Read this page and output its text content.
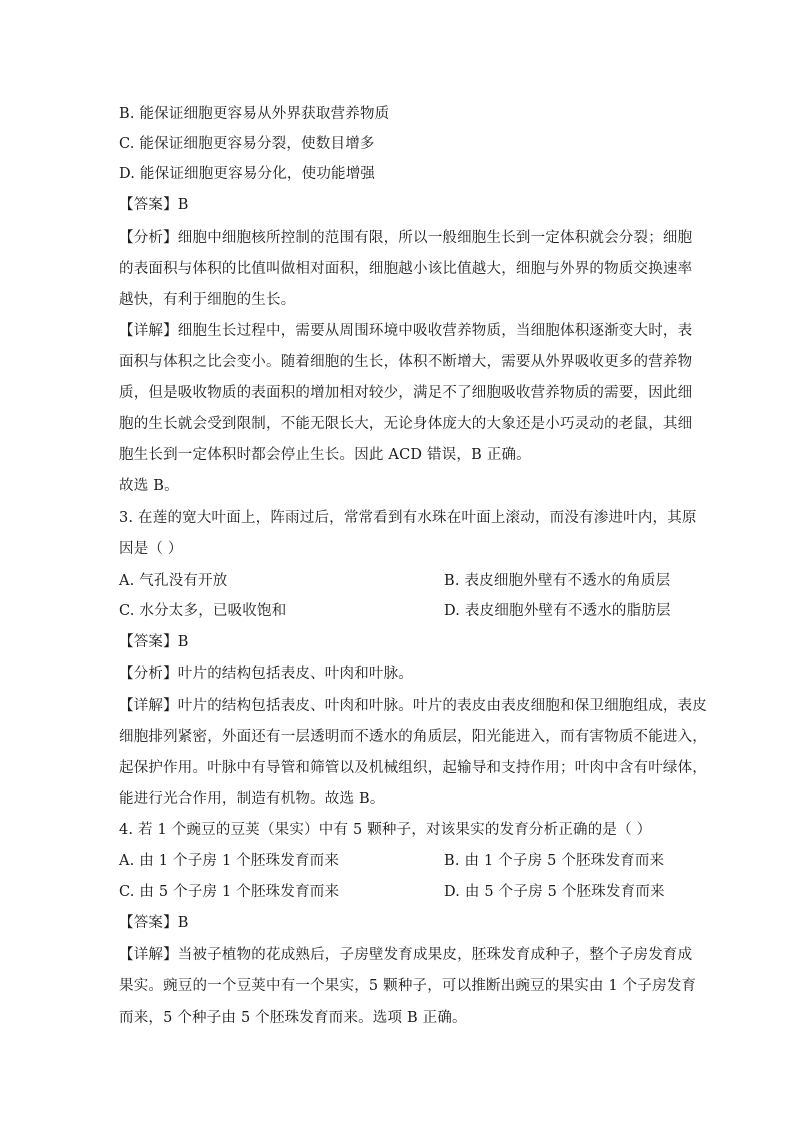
B. 能保证细胞更容易从外界获取营养物质
C. 能保证细胞更容易分裂，使数目增多
D. 能保证细胞更容易分化，使功能增强
【答案】B
【分析】细胞中细胞核所控制的范围有限，所以一般细胞生长到一定体积就会分裂；细胞
的表面积与体积的比值叫做相对面积，细胞越小该比值越大，细胞与外界的物质交换速率
越快，有利于细胞的生长。
【详解】细胞生长过程中，需要从周围环境中吸收营养物质，当细胞体积逐渐变大时，表
面积与体积之比会变小。随着细胞的生长，体积不断增大，需要从外界吸收更多的营养物
质，但是吸收物质的表面积的增加相对较少，满足不了细胞吸收营养物质的需要，因此细
胞的生长就会受到限制，不能无限长大，无论身体庞大的大象还是小巧灵动的老鼠，其细
胞生长到一定体积时都会停止生长。因此 ACD 错误，B 正确。
故选 B。
3. 在莲的宽大叶面上，阵雨过后，常常看到有水珠在叶面上滚动，而没有渗进叶内，其原
因是（ ）
A. 气孔没有开放	B. 表皮细胞外壁有不透水的角质层
C. 水分太多，已吸收饱和	D. 表皮细胞外壁有不透水的脂肪层
【答案】B
【分析】叶片的结构包括表皮、叶肉和叶脉。
【详解】叶片的结构包括表皮、叶肉和叶脉。叶片的表皮由表皮细胞和保卫细胞组成，表皮
细胞排列紧密，外面还有一层透明而不透水的角质层，阳光能进入，而有害物质不能进入，
起保护作用。叶脉中有导管和筛管以及机械组织，起输导和支持作用；叶肉中含有叶绿体，
能进行光合作用，制造有机物。故选 B。
4. 若 1 个豌豆的豆荚（果实）中有 5 颗种子，对该果实的发育分析正确的是（ ）
A. 由 1 个子房 1 个胚珠发育而来	B. 由 1 个子房 5 个胚珠发育而来
C. 由 5 个子房 1 个胚珠发育而来	D. 由 5 个子房 5 个胚珠发育而来
【答案】B
【详解】当被子植物的花成熟后，子房壁发育成果皮，胚珠发育成种子，整个子房发育成
果实。豌豆的一个豆荚中有一个果实，5 颗种子，可以推断出豌豆的果实由 1 个子房发育
而来，5 个种子由 5 个胚珠发育而来。选项 B 正确。
